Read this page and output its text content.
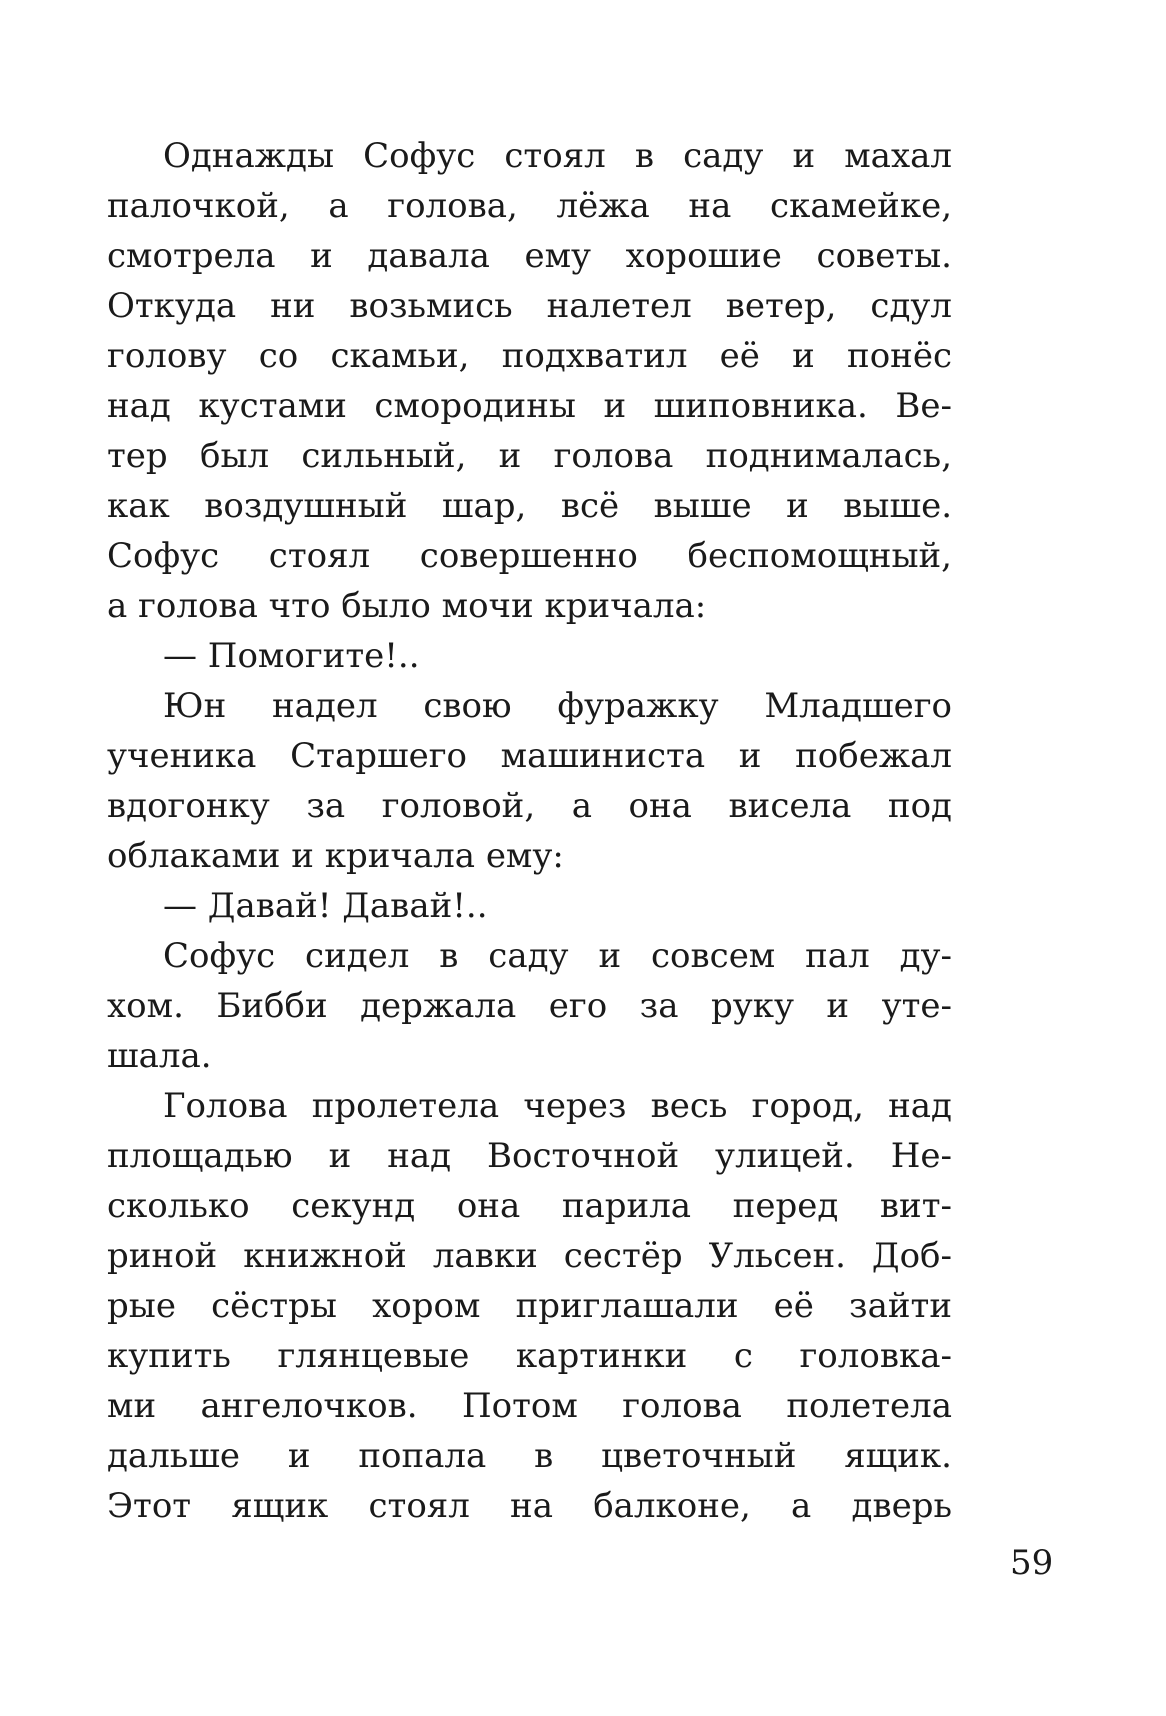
Однажды Софус стоял в саду и махал
палочкой, а голова, лёжа на скамейке,
смотрела и давала ему хорошие советы.
Откуда ни возьмись налетел ветер, сдул
голову со скамьи, подхватил её и понёс
над кустами смородины и шиповника. Ве-
тер был сильный, и голова поднималась,
как воздушный шар, всё выше и выше.
Софус стоял совершенно беспомощный,
а голова что было мочи кричала:
— Помогите!..
Юн надел свою фуражку Младшего
ученика Старшего машиниста и побежал
вдогонку за головой, а она висела под
облаками и кричала ему:
— Давай! Давай!..
Софус сидел в саду и совсем пал ду-
хом. Бибби держала его за руку и уте-
шала.
Голова пролетела через весь город, над
площадью и над Восточной улицей. Не-
сколько секунд она парила перед вит-
риной книжной лавки сестёр Ульсен. Доб-
рые сёстры хором приглашали её зайти
купить глянцевые картинки с головка-
ми ангелочков. Потом голова полетела
дальше и попала в цветочный ящик.
Этот ящик стоял на балконе, а дверь
59
